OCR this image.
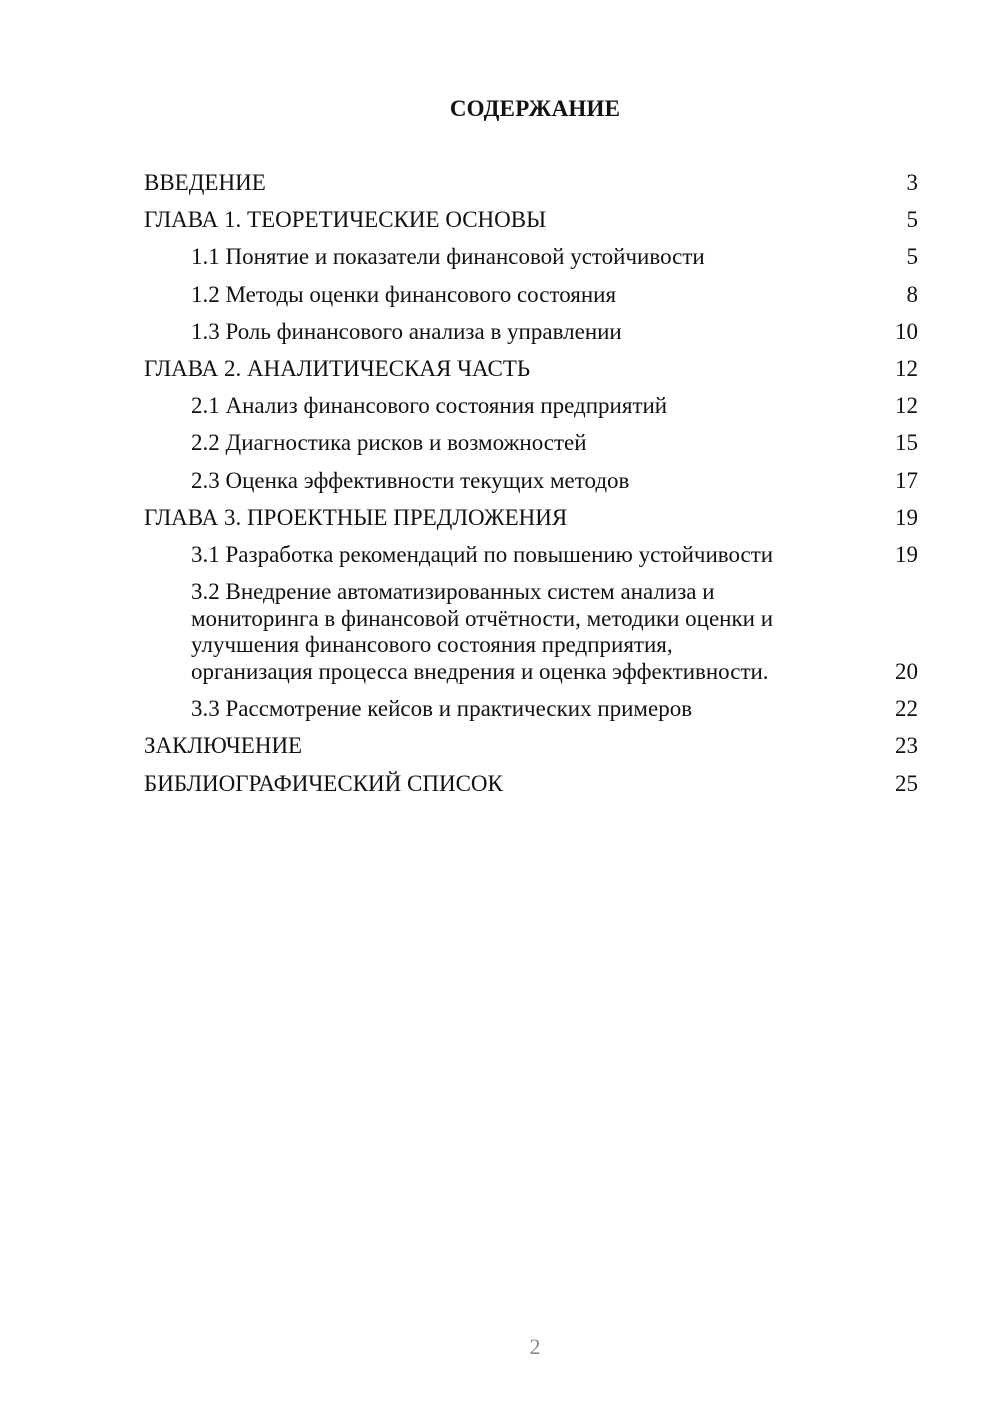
СОДЕРЖАНИЕ
ВВЕДЕНИЕ	3
ГЛАВА 1. ТЕОРЕТИЧЕСКИЕ ОСНОВЫ	5
1.1 Понятие и показатели финансовой устойчивости	5
1.2 Методы оценки финансового состояния	8
1.3 Роль финансового анализа в управлении	10
ГЛАВА 2. АНАЛИТИЧЕСКАЯ ЧАСТЬ	12
2.1 Анализ финансового состояния предприятий	12
2.2 Диагностика рисков и возможностей	15
2.3 Оценка эффективности текущих методов	17
ГЛАВА 3. ПРОЕКТНЫЕ ПРЕДЛОЖЕНИЯ	19
3.1 Разработка рекомендаций по повышению устойчивости	19
3.2 Внедрение автоматизированных систем анализа и
мониторинга в финансовой отчётности, методики оценки и
улучшения финансового состояния предприятия,
организация процесса внедрения и оценка эффективности.	20
3.3 Рассмотрение кейсов и практических примеров	22
ЗАКЛЮЧЕНИЕ	23
БИБЛИОГРАФИЧЕСКИЙ СПИСОК	25
2
